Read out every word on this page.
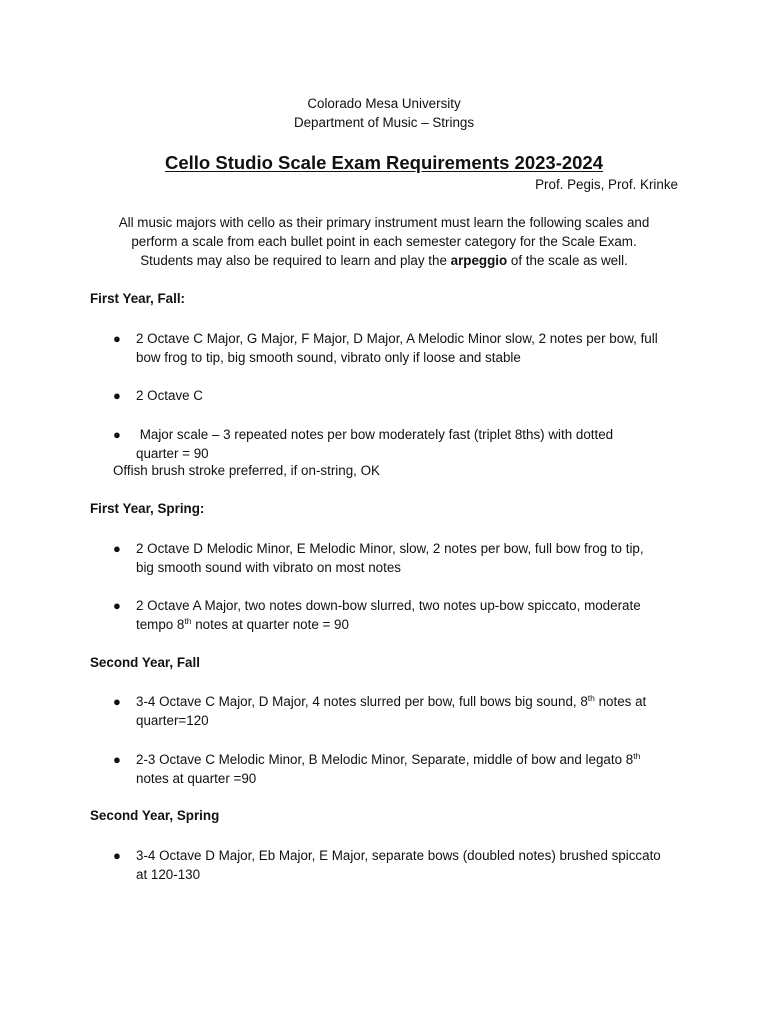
Colorado Mesa University
Department of Music – Strings
Cello Studio Scale Exam Requirements 2023-2024
Prof. Pegis, Prof. Krinke
All music majors with cello as their primary instrument must learn the following scales and
perform a scale from each bullet point in each semester category for the Scale Exam.
Students may also be required to learn and play the arpeggio of the scale as well.
First Year, Fall:
● 2 Octave C Major, G Major, F Major, D Major, A Melodic Minor slow, 2 notes per bow, full
bow frog to tip, big smooth sound, vibrato only if loose and stable
● 2 Octave C
● Major scale – 3 repeated notes per bow moderately fast (triplet 8ths) with dotted
quarter = 90
Offish brush stroke preferred, if on-string, OK
First Year, Spring:
● 2 Octave D Melodic Minor, E Melodic Minor, slow, 2 notes per bow, full bow frog to tip,
big smooth sound with vibrato on most notes
● 2 Octave A Major, two notes down-bow slurred, two notes up-bow spiccato, moderate
tempo 8th notes at quarter note = 90
Second Year, Fall
● 3-4 Octave C Major, D Major, 4 notes slurred per bow, full bows big sound, 8th notes at
quarter=120
● 2-3 Octave C Melodic Minor, B Melodic Minor, Separate, middle of bow and legato 8th
notes at quarter =90
Second Year, Spring
● 3-4 Octave D Major, Eb Major, E Major, separate bows (doubled notes) brushed spiccato
at 120-130
